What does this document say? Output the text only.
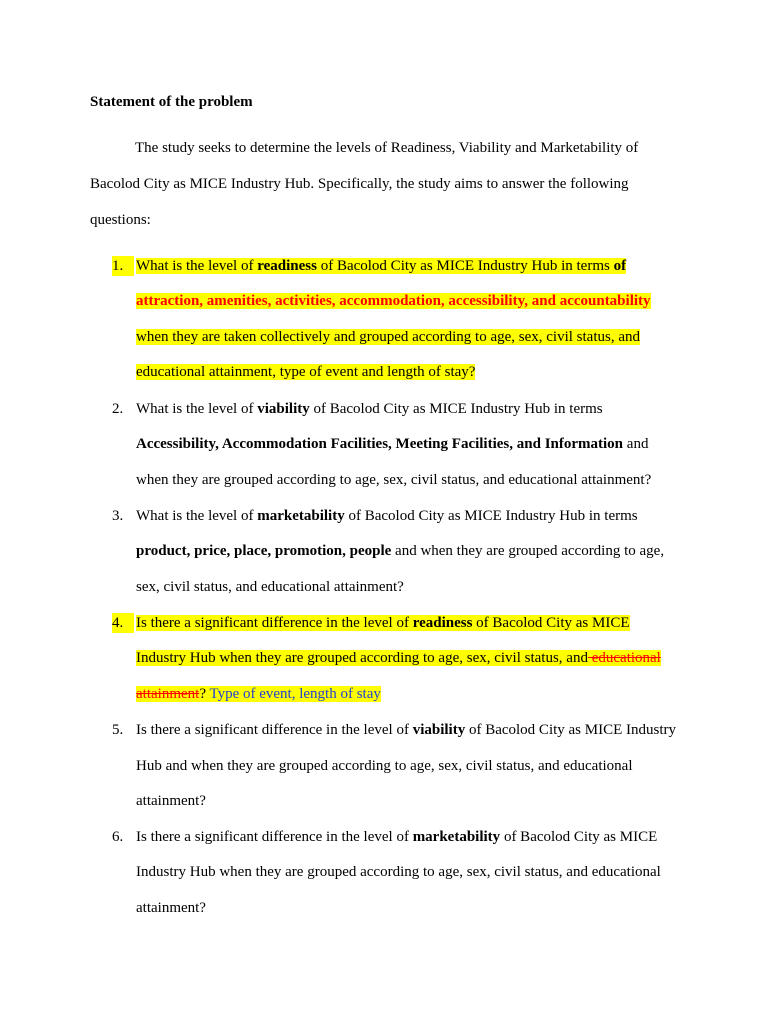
Statement of the problem

The study seeks to determine the levels of Readiness, Viability and Marketability of
Bacolod City as MICE Industry Hub. Specifically, the study aims to answer the following
questions:

1. What is the level of readiness of Bacolod City as MICE Industry Hub in terms of
attraction, amenities, activities, accommodation, accessibility, and accountability
when they are taken collectively and grouped according to age, sex, civil status, and
educational attainment, type of event and length of stay?
2. What is the level of viability of Bacolod City as MICE Industry Hub in terms
Accessibility, Accommodation Facilities, Meeting Facilities, and Information and
when they are grouped according to age, sex, civil status, and educational attainment?
3. What is the level of marketability of Bacolod City as MICE Industry Hub in terms
product, price, place, promotion, people and when they are grouped according to age,
sex, civil status, and educational attainment?
4. Is there a significant difference in the level of readiness of Bacolod City as MICE
Industry Hub when they are grouped according to age, sex, civil status, and educational
attainment? Type of event, length of stay
5. Is there a significant difference in the level of viability of Bacolod City as MICE Industry
Hub and when they are grouped according to age, sex, civil status, and educational
attainment?
6. Is there a significant difference in the level of marketability of Bacolod City as MICE
Industry Hub when they are grouped according to age, sex, civil status, and educational
attainment?
